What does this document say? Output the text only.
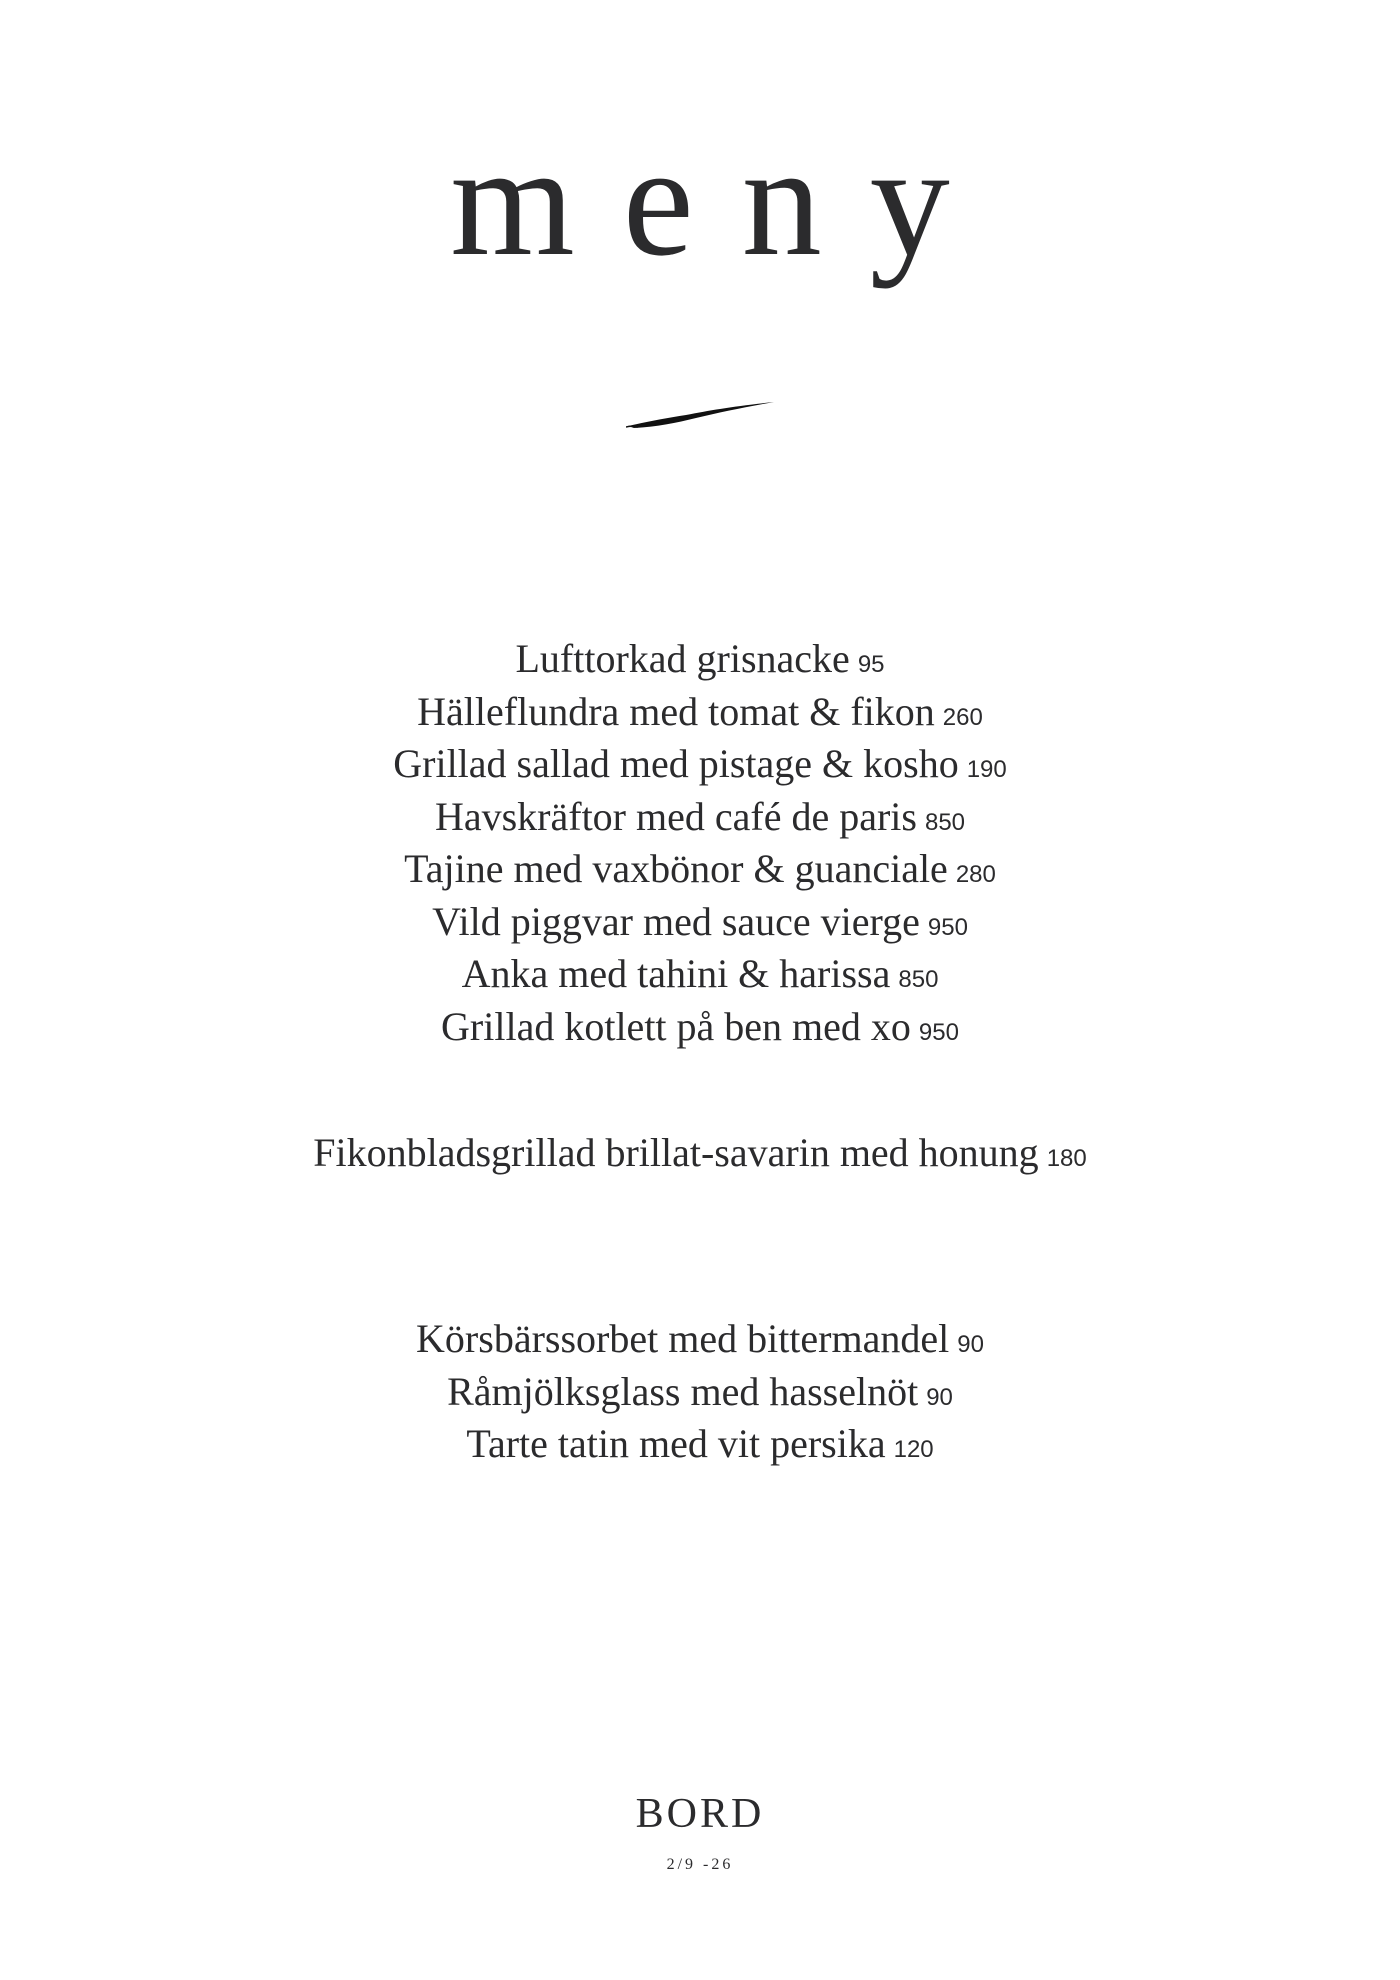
meny
Lufttorkad grisnacke 95
Hälleflundra med tomat & fikon 260
Grillad sallad med pistage & kosho 190
Havskräftor med café de paris 850
Tajine med vaxbönor & guanciale 280
Vild piggvar med sauce vierge 950
Anka med tahini & harissa 850
Grillad kotlett på ben med xo 950
Fikonbladsgrillad brillat-savarin med honung 180
Körsbärssorbet med bittermandel 90
Råmjölksglass med hasselnöt 90
Tarte tatin med vit persika 120
BORD
2/9 -26
